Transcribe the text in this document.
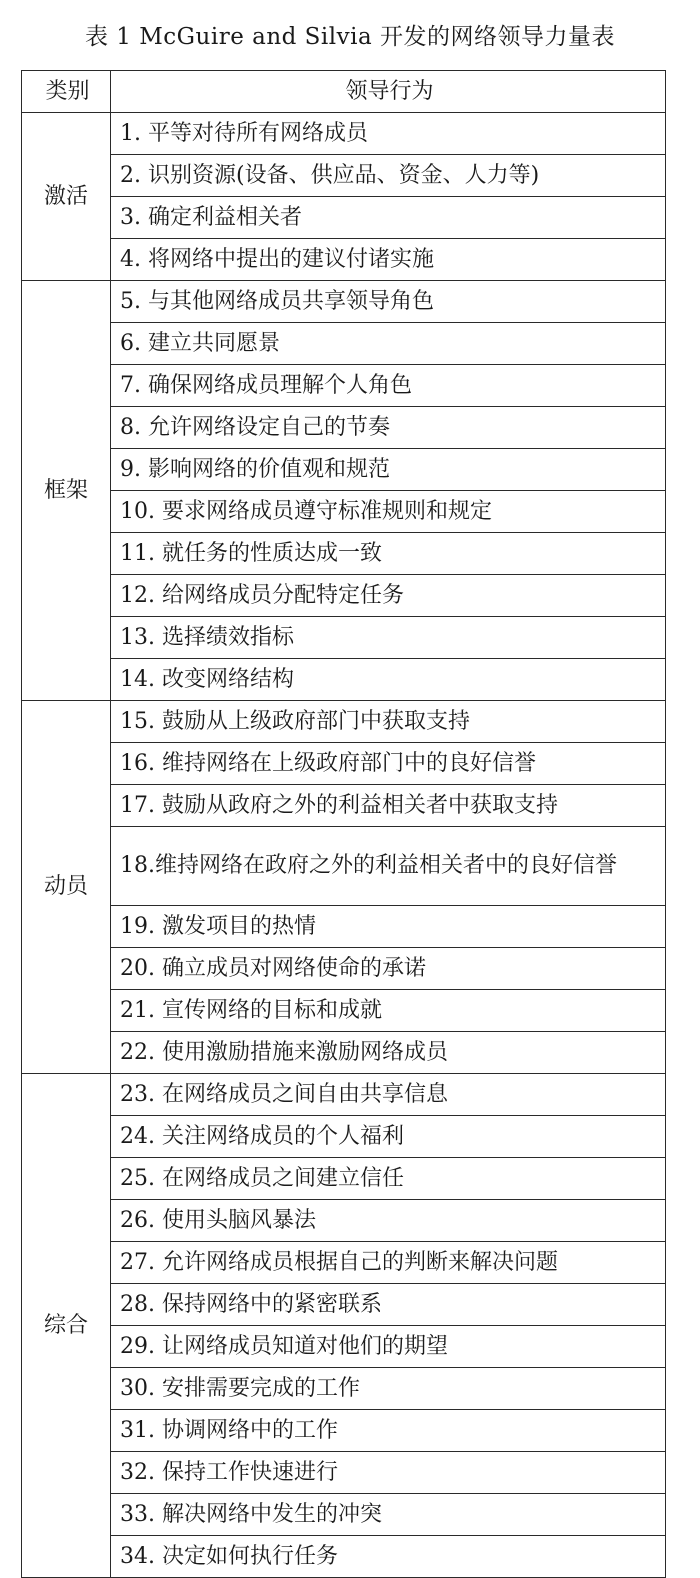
表 1 McGuire and Silvia 开发的网络领导力量表
类别	领导行为
激活	1. 平等对待所有网络成员
	2. 识别资源(设备、供应品、资金、人力等)
	3. 确定利益相关者
	4. 将网络中提出的建议付诸实施
框架	5. 与其他网络成员共享领导角色
	6. 建立共同愿景
	7. 确保网络成员理解个人角色
	8. 允许网络设定自己的节奏
	9. 影响网络的价值观和规范
	10. 要求网络成员遵守标准规则和规定
	11. 就任务的性质达成一致
	12. 给网络成员分配特定任务
	13. 选择绩效指标
	14. 改变网络结构
动员	15. 鼓励从上级政府部门中获取支持
	16. 维持网络在上级政府部门中的良好信誉
	17. 鼓励从政府之外的利益相关者中获取支持
	18.维持网络在政府之外的利益相关者中的良好信誉
	19. 激发项目的热情
	20. 确立成员对网络使命的承诺
	21. 宣传网络的目标和成就
	22. 使用激励措施来激励网络成员
综合	23. 在网络成员之间自由共享信息
	24. 关注网络成员的个人福利
	25. 在网络成员之间建立信任
	26. 使用头脑风暴法
	27. 允许网络成员根据自己的判断来解决问题
	28. 保持网络中的紧密联系
	29. 让网络成员知道对他们的期望
	30. 安排需要完成的工作
	31. 协调网络中的工作
	32. 保持工作快速进行
	33. 解决网络中发生的冲突
	34. 决定如何执行任务
